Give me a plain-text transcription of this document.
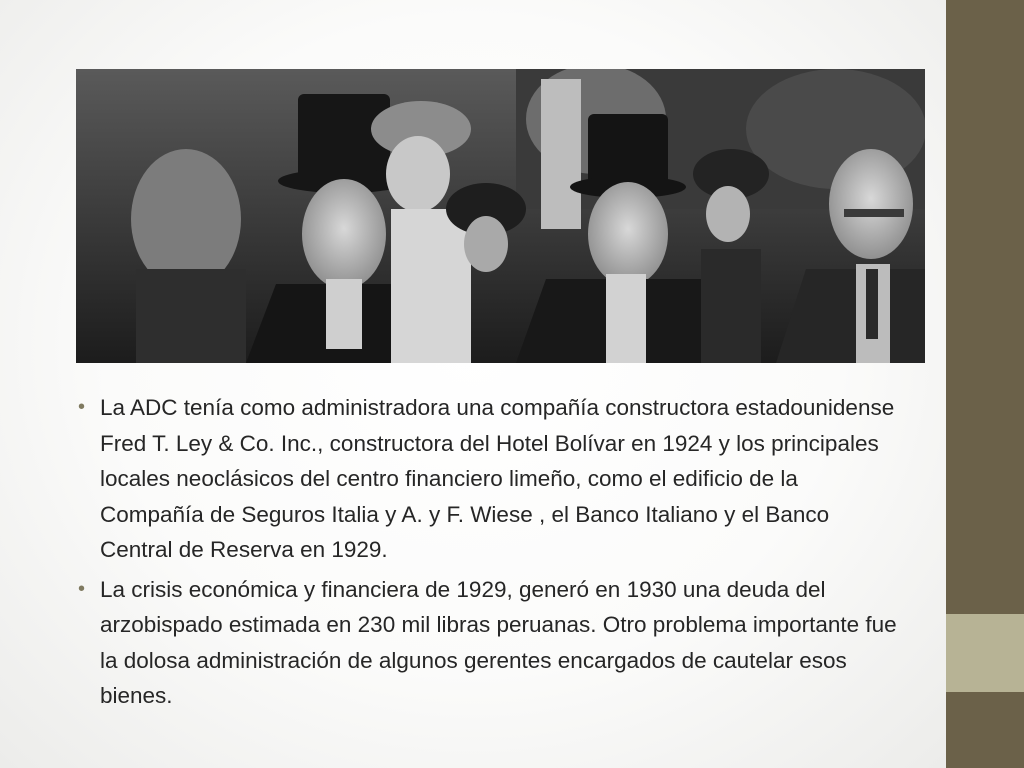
• La ADC tenía como administradora una compañía constructora estadounidense Fred T. Ley & Co. Inc., constructora del Hotel Bolívar en 1924 y los principales locales neoclásicos del centro financiero limeño, como el edificio de la Compañía de Seguros Italia y A. y F. Wiese , el Banco Italiano y el Banco Central de Reserva en 1929.
• La crisis económica y financiera de 1929, generó en 1930 una deuda del arzobispado estimada en 230 mil libras peruanas. Otro problema importante fue la dolosa administración de algunos gerentes encargados de cautelar esos bienes.
